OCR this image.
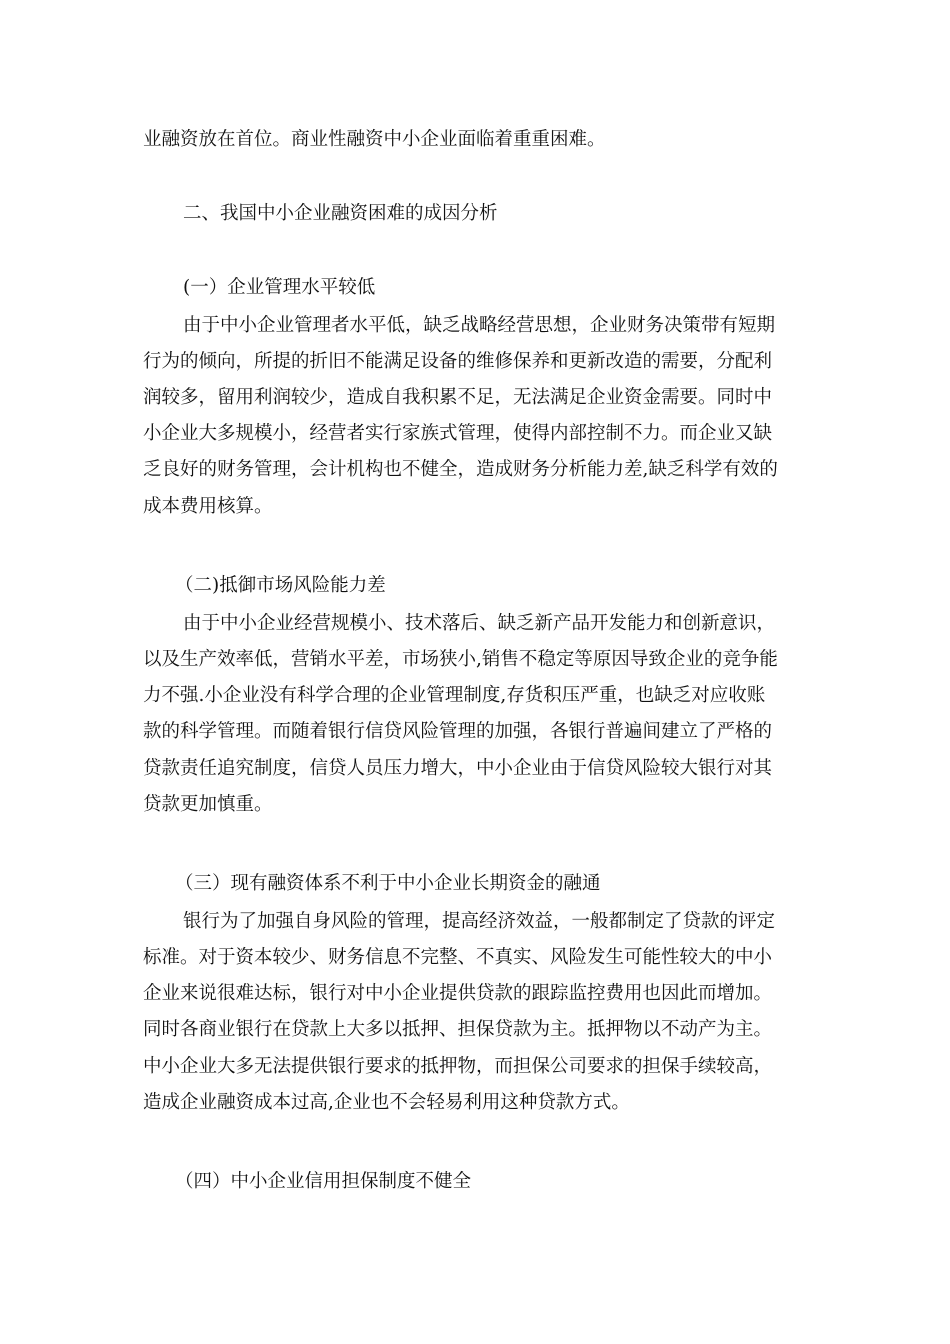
业融资放在首位。商业性融资中小企业面临着重重困难。
二、我国中小企业融资困难的成因分析
(一）企业管理水平较低
由于中小企业管理者水平低，缺乏战略经营思想，企业财务决策带有短期
行为的倾向，所提的折旧不能满足设备的维修保养和更新改造的需要，分配利
润较多，留用利润较少，造成自我积累不足，无法满足企业资金需要。同时中
小企业大多规模小，经营者实行家族式管理，使得内部控制不力。而企业又缺
乏良好的财务管理，会计机构也不健全，造成财务分析能力差,缺乏科学有效的
成本费用核算。
（二)抵御市场风险能力差
由于中小企业经营规模小、技术落后、缺乏新产品开发能力和创新意识，
以及生产效率低，营销水平差，市场狭小,销售不稳定等原因导致企业的竞争能
力不强.小企业没有科学合理的企业管理制度,存货积压严重，也缺乏对应收账
款的科学管理。而随着银行信贷风险管理的加强，各银行普遍间建立了严格的
贷款责任追究制度，信贷人员压力增大，中小企业由于信贷风险较大银行对其
贷款更加慎重。
（三）现有融资体系不利于中小企业长期资金的融通
银行为了加强自身风险的管理，提高经济效益，一般都制定了贷款的评定
标准。对于资本较少、财务信息不完整、不真实、风险发生可能性较大的中小
企业来说很难达标，银行对中小企业提供贷款的跟踪监控费用也因此而增加。
同时各商业银行在贷款上大多以抵押、担保贷款为主。抵押物以不动产为主。
中小企业大多无法提供银行要求的抵押物，而担保公司要求的担保手续较高，
造成企业融资成本过高,企业也不会轻易利用这种贷款方式。
（四）中小企业信用担保制度不健全
